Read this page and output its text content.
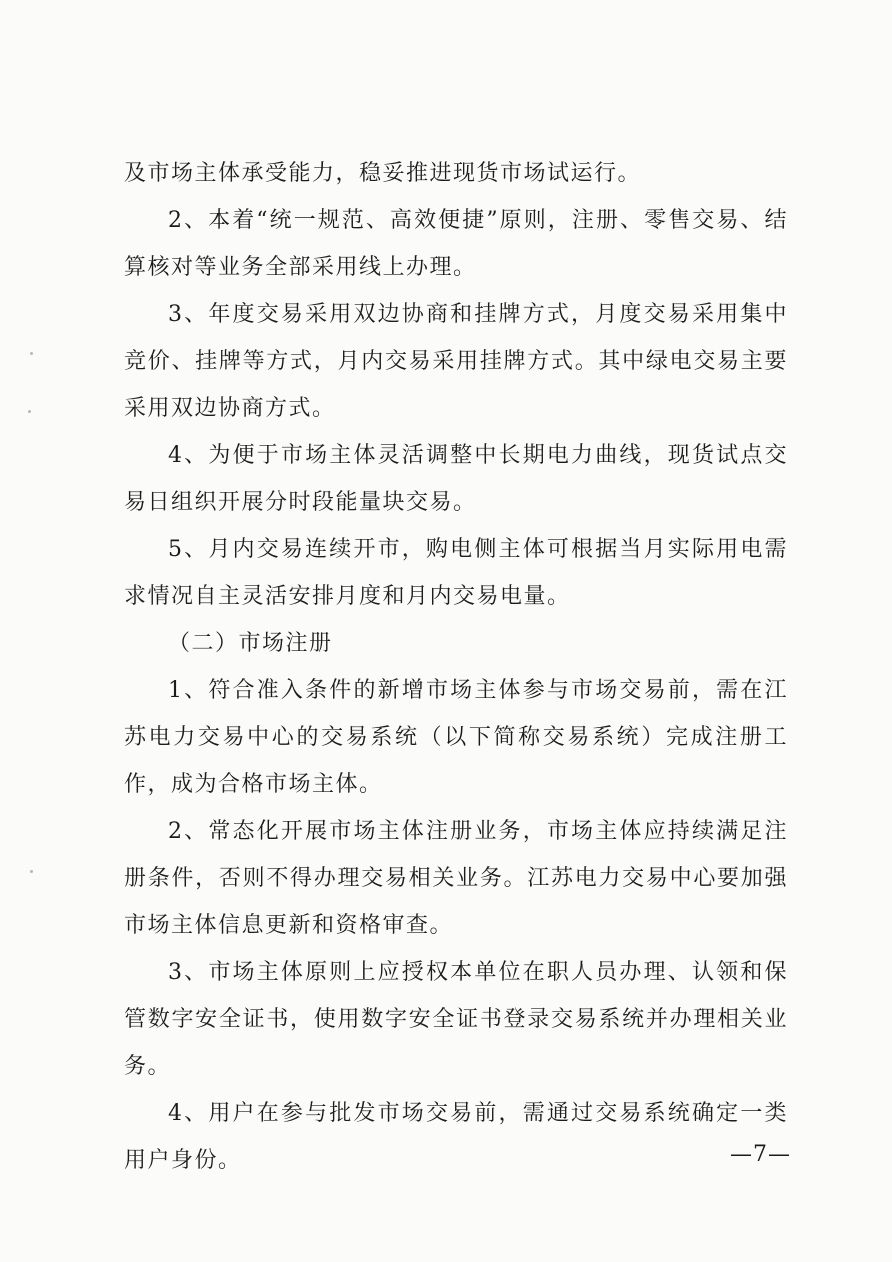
及市场主体承受能力，稳妥推进现货市场试运行。

2、本着“统一规范、高效便捷”原则，注册、零售交易、结算核对等业务全部采用线上办理。

3、年度交易采用双边协商和挂牌方式，月度交易采用集中竞价、挂牌等方式，月内交易采用挂牌方式。其中绿电交易主要采用双边协商方式。

4、为便于市场主体灵活调整中长期电力曲线，现货试点交易日组织开展分时段能量块交易。

5、月内交易连续开市，购电侧主体可根据当月实际用电需求情况自主灵活安排月度和月内交易电量。

（二）市场注册

1、符合准入条件的新增市场主体参与市场交易前，需在江苏电力交易中心的交易系统（以下简称交易系统）完成注册工作，成为合格市场主体。

2、常态化开展市场主体注册业务，市场主体应持续满足注册条件，否则不得办理交易相关业务。江苏电力交易中心要加强市场主体信息更新和资格审查。

3、市场主体原则上应授权本单位在职人员办理、认领和保管数字安全证书，使用数字安全证书登录交易系统并办理相关业务。

4、用户在参与批发市场交易前，需通过交易系统确定一类用户身份。	—7—
